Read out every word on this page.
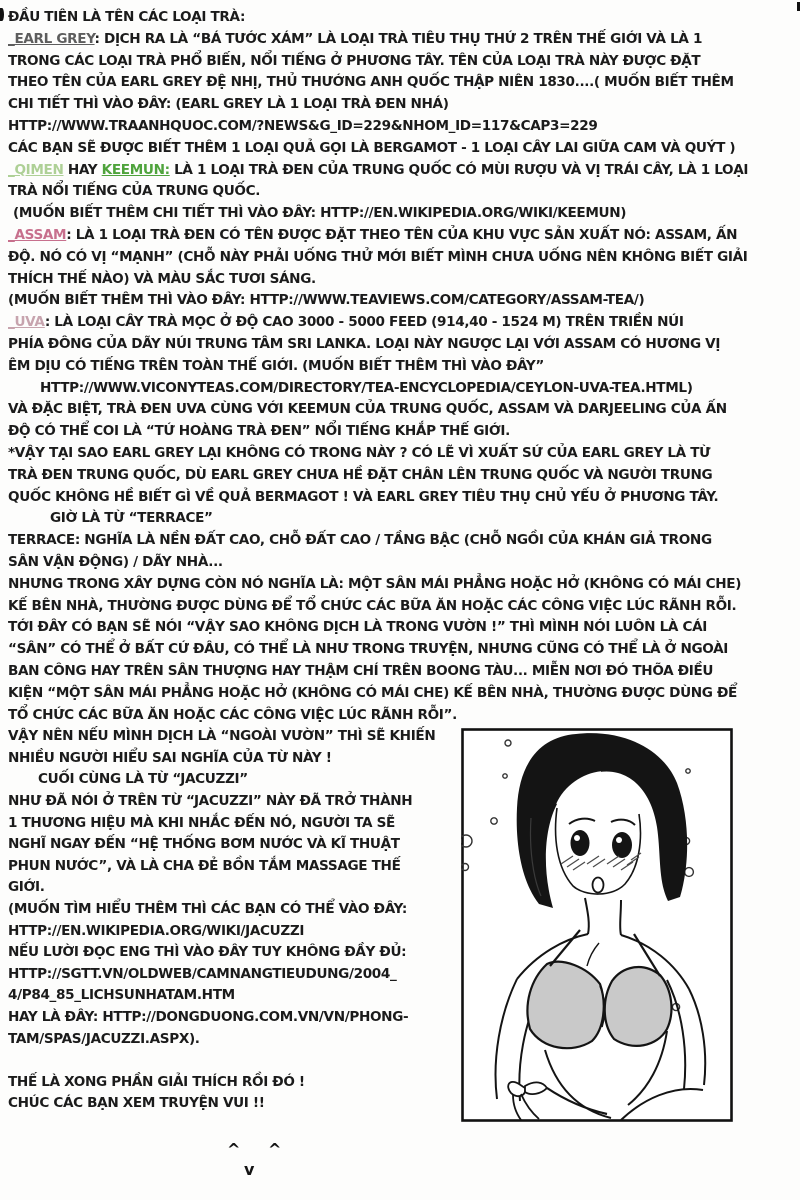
ĐẦU TIÊN LÀ TÊN CÁC LOẠI TRÀ:
_EARL GREY: DỊCH RA LÀ “BÁ TƯỚC XÁM” LÀ LOẠI TRÀ TIÊU THỤ THỨ 2 TRÊN THẾ GIỚI VÀ LÀ 1
TRONG CÁC LOẠI TRÀ PHỔ BIẾN, NỔI TIẾNG Ở PHƯƠNG TÂY. TÊN CỦA LOẠI TRÀ NÀY ĐƯỢC ĐẶT
THEO TÊN CỦA EARL GREY ĐỆ NHỊ, THỦ THƯỚNG ANH QUỐC THẬP NIÊN 1830....( MUỐN BIẾT THÊM
CHI TIẾT THÌ VÀO ĐÂY: (EARL GREY LÀ 1 LOẠI TRÀ ĐEN NHÁ)
HTTP://WWW.TRAANHQUOC.COM/?NEWS&G_ID=229&NHOM_ID=117&CAP3=229
CÁC BẠN SẼ ĐƯỢC BIẾT THÊM 1 LOẠI QUẢ GỌI LÀ BERGAMOT - 1 LOẠI CÂY LAI GIỮA CAM VÀ QUÝT )
_QIMEN HAY KEEMUN: LÀ 1 LOẠI TRÀ ĐEN CỦA TRUNG QUỐC CÓ MÙI RƯỢU VÀ VỊ TRÁI CÂY, LÀ 1 LOẠI
TRÀ NỔI TIẾNG CỦA TRUNG QUỐC.
(MUỐN BIẾT THÊM CHI TIẾT THÌ VÀO ĐÂY: HTTP://EN.WIKIPEDIA.ORG/WIKI/KEEMUN)
_ASSAM: LÀ 1 LOẠI TRÀ ĐEN CÓ TÊN ĐƯỢC ĐẶT THEO TÊN CỦA KHU VỰC SẢN XUẤT NÓ: ASSAM, ẤN
ĐỘ. NÓ CÓ VỊ “MẠNH” (CHỖ NÀY PHẢI UỐNG THỬ MỚI BIẾT MÌNH CHƯA UỐNG NÊN KHÔNG BIẾT GIẢI
THÍCH THẾ NÀO) VÀ MÀU SẮC TƯƠI SÁNG.
(MUỐN BIẾT THÊM THÌ VÀO ĐÂY: HTTP://WWW.TEAVIEWS.COM/CATEGORY/ASSAM-TEA/)
_UVA: LÀ LOẠI CÂY TRÀ MỌC Ở ĐỘ CAO 3000 - 5000 FEED (914,40 - 1524 M) TRÊN TRIỀN NÚI
PHÍA ĐÔNG CỦA DÃY NÚI TRUNG TÂM SRI LANKA. LOẠI NÀY NGƯỢC LẠI VỚI ASSAM CÓ HƯƠNG VỊ
ÊM DỊU CÓ TIẾNG TRÊN TOÀN THẾ GIỚI. (MUỐN BIẾT THÊM THÌ VÀO ĐÂY”
HTTP://WWW.VICONYTEAS.COM/DIRECTORY/TEA-ENCYCLOPEDIA/CEYLON-UVA-TEA.HTML)
VÀ ĐẶC BIỆT, TRÀ ĐEN UVA CÙNG VỚI KEEMUN CỦA TRUNG QUỐC, ASSAM VÀ DARJEELING CỦA ẤN
ĐỘ CÓ THỂ COI LÀ “TỨ HOÀNG TRÀ ĐEN” NỔI TIẾNG KHẮP THẾ GIỚI.
*VẬY TẠI SAO EARL GREY LẠI KHÔNG CÓ TRONG NÀY ? CÓ LẼ VÌ XUẤT SỨ CỦA EARL GREY LÀ TỪ
TRÀ ĐEN TRUNG QUỐC, DÙ EARL GREY CHƯA HỀ ĐẶT CHÂN LÊN TRUNG QUỐC VÀ NGƯỜI TRUNG
QUỐC KHÔNG HỀ BIẾT GÌ VỀ QUẢ BERMAGOT ! VÀ EARL GREY TIÊU THỤ CHỦ YẾU Ở PHƯƠNG TÂY.
GIỜ LÀ TỪ “TERRACE”
TERRACE: NGHĨA LÀ NỀN ĐẤT CAO, CHỖ ĐẤT CAO / TẦNG BẬC (CHỖ NGỒI CỦA KHÁN GIẢ TRONG
SÂN VẬN ĐỘNG) / DÃY NHÀ...
NHƯNG TRONG XÂY DỰNG CÒN NÓ NGHĨA LÀ: MỘT SÂN MÁI PHẲNG HOẶC HỞ (KHÔNG CÓ MÁI CHE)
KẾ BÊN NHÀ, THƯỜNG ĐƯỢC DÙNG ĐỂ TỔ CHỨC CÁC BỮA ĂN HOẶC CÁC CÔNG VIỆC LÚC RÃNH RỖI.
TỚI ĐÂY CÓ BẠN SẼ NÓI “VẬY SAO KHÔNG DỊCH LÀ TRONG VƯỜN !” THÌ MÌNH NÓI LUÔN LÀ CÁI
“SÂN” CÓ THỂ Ở BẤT CỨ ĐÂU, CÓ THỂ LÀ NHƯ TRONG TRUYỆN, NHƯNG CŨNG CÓ THỂ LÀ Ở NGOÀI
BAN CÔNG HAY TRÊN SÂN THƯỢNG HAY THẬM CHÍ TRÊN BOONG TÀU... MIỄN NƠI ĐÓ THÕA ĐIỀU
KIỆN “MỘT SÂN MÁI PHẲNG HOẶC HỞ (KHÔNG CÓ MÁI CHE) KẾ BÊN NHÀ, THƯỜNG ĐƯỢC DÙNG ĐỂ
TỔ CHỨC CÁC BỮA ĂN HOẶC CÁC CÔNG VIỆC LÚC RÃNH RỖI”.
VẬY NÊN NẾU MÌNH DỊCH LÀ “NGOÀI VƯỜN” THÌ SẼ KHIẾN
NHIỀU NGƯỜI HIỂU SAI NGHĨA CỦA TỪ NÀY !
CUỐI CÙNG LÀ TỪ “JACUZZI”
NHƯ ĐÃ NÓI Ở TRÊN TỪ “JACUZZI” NÀY ĐÃ TRỞ THÀNH
1 THƯƠNG HIỆU MÀ KHI NHẮC ĐẾN NÓ, NGƯỜI TA SẼ
NGHĨ NGAY ĐẾN “HỆ THỐNG BƠM NƯỚC VÀ KĨ THUẬT
PHUN NƯỚC”, VÀ LÀ CHA ĐẺ BỒN TẮM MASSAGE THẾ
GIỚI.
(MUỐN TÌM HIỂU THÊM THÌ CÁC BẠN CÓ THỂ VÀO ĐÂY:
HTTP://EN.WIKIPEDIA.ORG/WIKI/JACUZZI
NẾU LƯỜI ĐỌC ENG THÌ VÀO ĐÂY TUY KHÔNG ĐẦY ĐỦ:
HTTP://SGTT.VN/OLDWEB/CAMNANGTIEUDUNG/2004_
4/P84_85_LICHSUNHATAM.HTM
HAY LÀ ĐÂY: HTTP://DONGDUONG.COM.VN/VN/PHONG-
TAM/SPAS/JACUZZI.ASPX).

THẾ LÀ XONG PHẦN GIẢI THÍCH RỒI ĐÓ !
CHÚC CÁC BẠN XEM TRUYỆN VUI !!
^ ^
v
